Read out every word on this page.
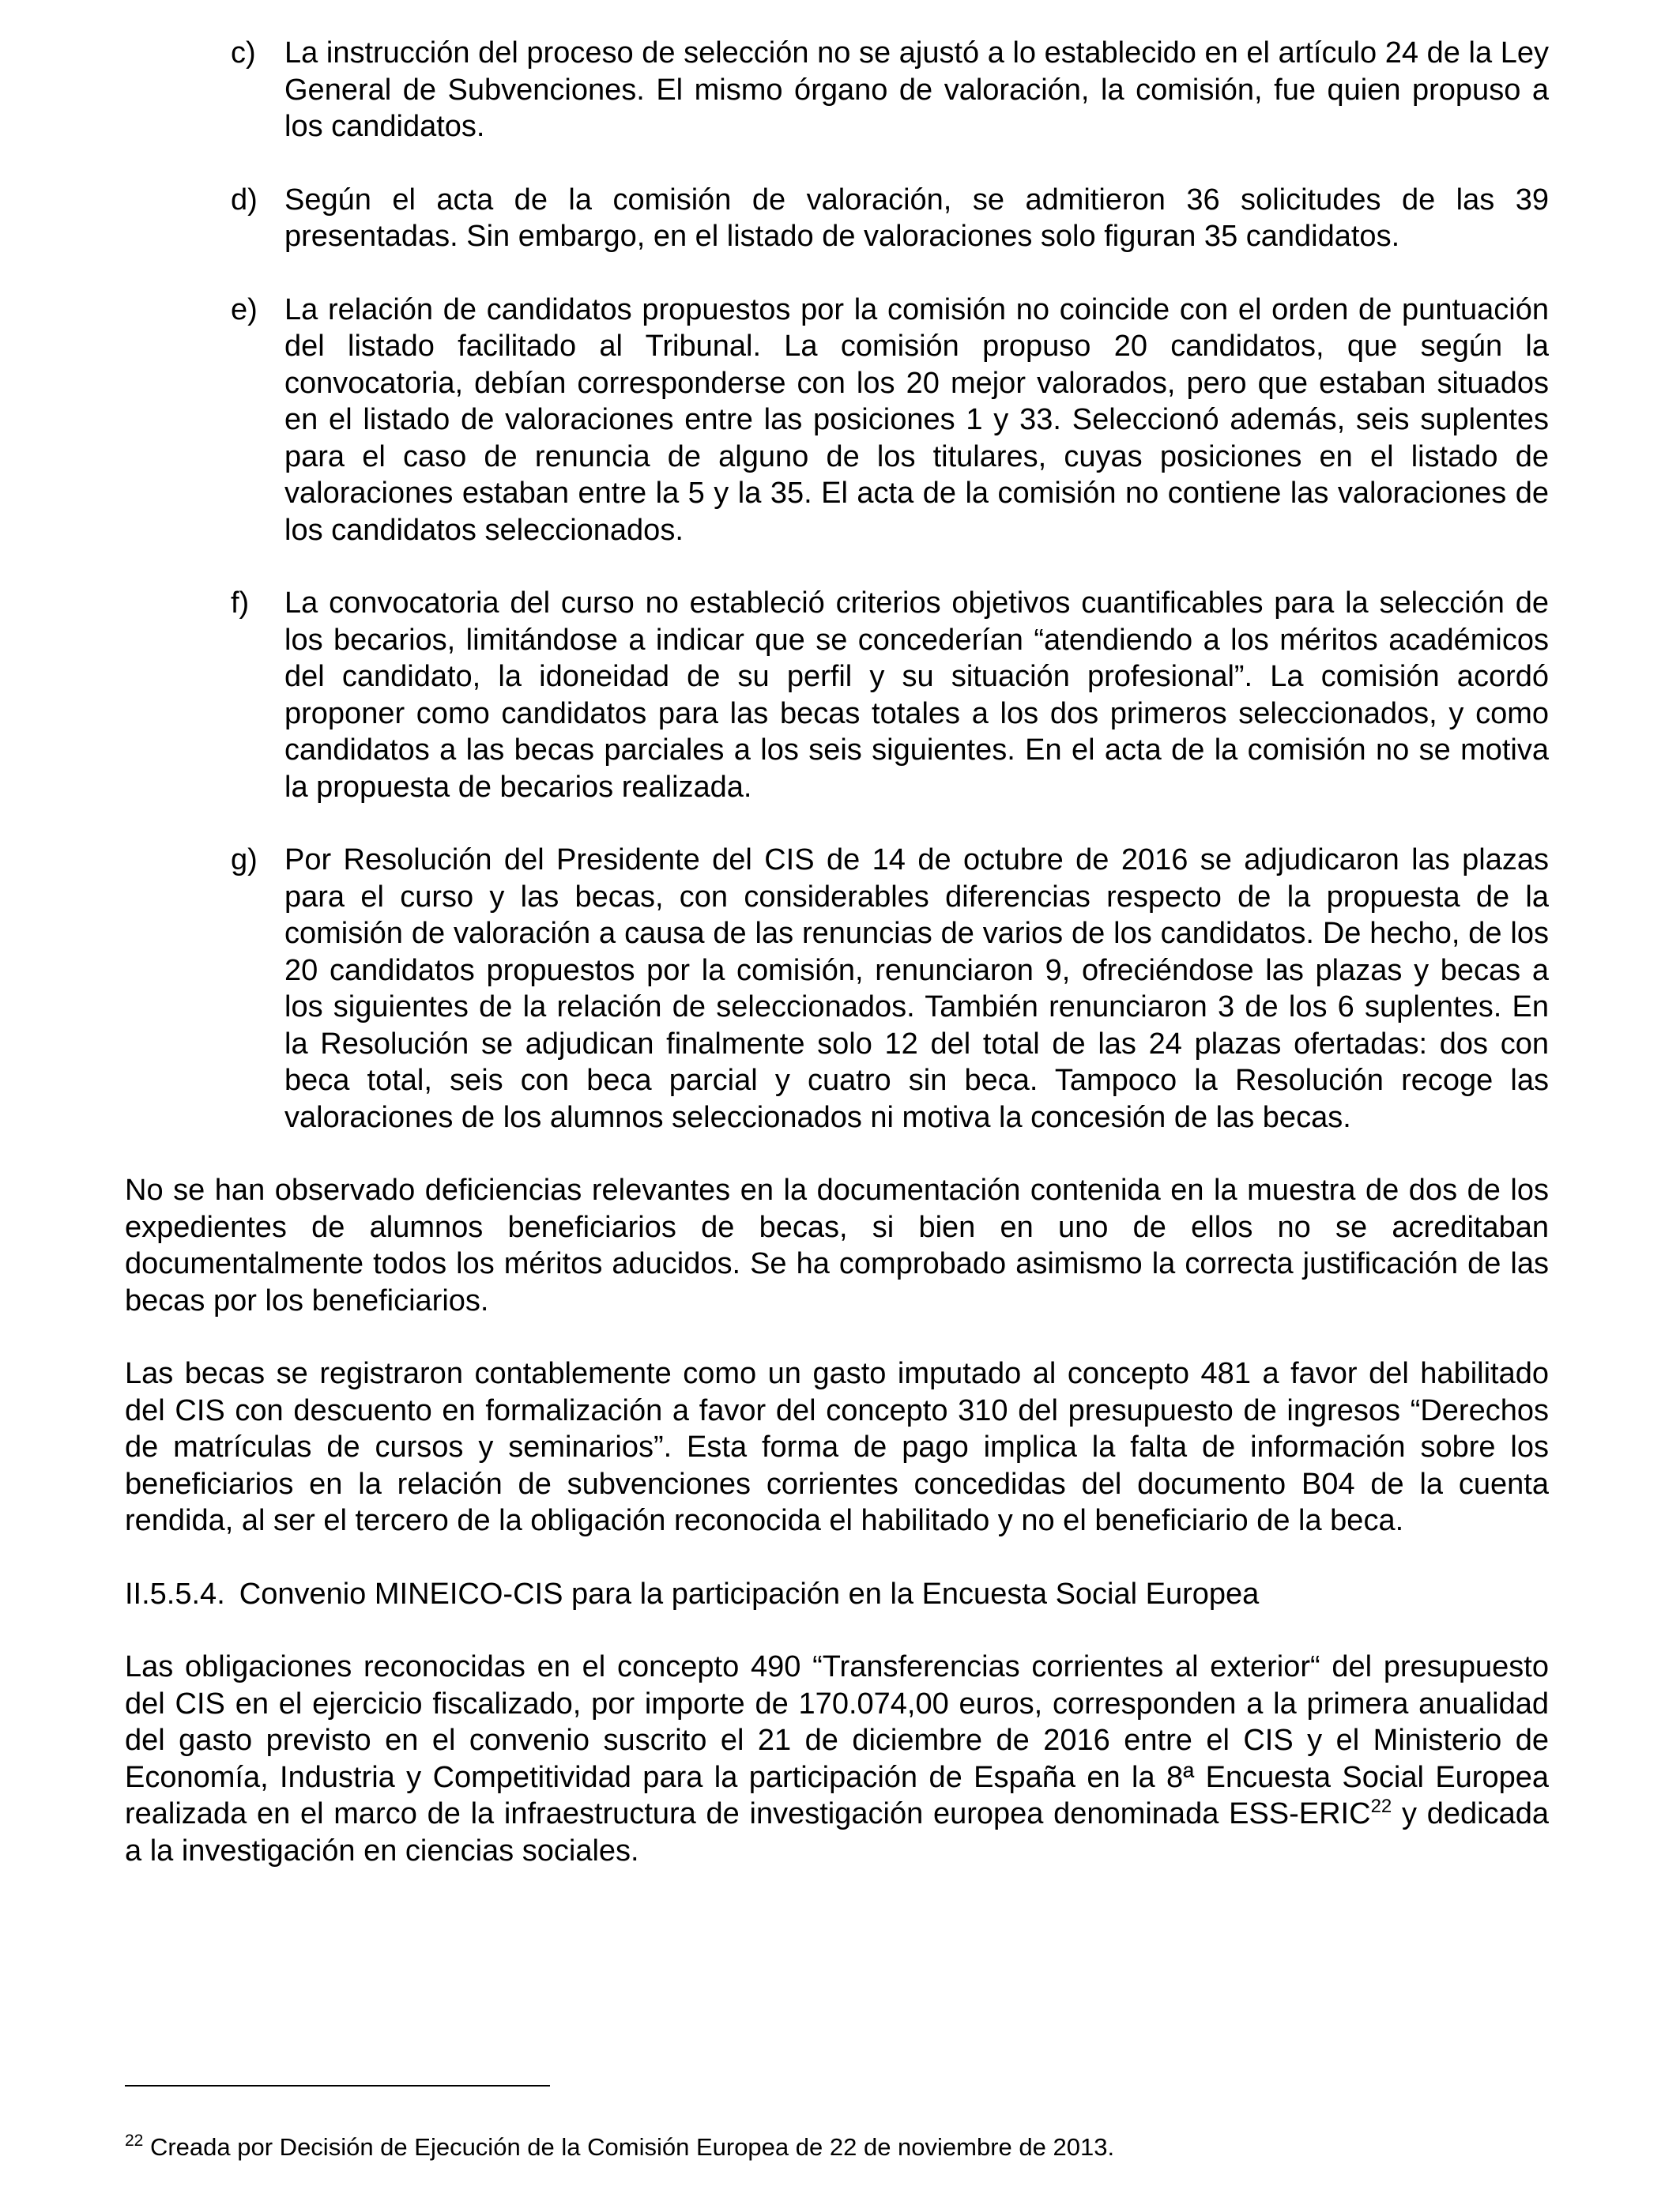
c) La instrucción del proceso de selección no se ajustó a lo establecido en el artículo 24 de la Ley General de Subvenciones. El mismo órgano de valoración, la comisión, fue quien propuso a los candidatos.
d) Según el acta de la comisión de valoración, se admitieron 36 solicitudes de las 39 presentadas. Sin embargo, en el listado de valoraciones solo figuran 35 candidatos.
e) La relación de candidatos propuestos por la comisión no coincide con el orden de puntuación del listado facilitado al Tribunal. La comisión propuso 20 candidatos, que según la convocatoria, debían corresponderse con los 20 mejor valorados, pero que estaban situados en el listado de valoraciones entre las posiciones 1 y 33. Seleccionó además, seis suplentes para el caso de renuncia de alguno de los titulares, cuyas posiciones en el listado de valoraciones estaban entre la 5 y la 35. El acta de la comisión no contiene las valoraciones de los candidatos seleccionados.
f) La convocatoria del curso no estableció criterios objetivos cuantificables para la selección de los becarios, limitándose a indicar que se concederían “atendiendo a los méritos académicos del candidato, la idoneidad de su perfil y su situación profesional”. La comisión acordó proponer como candidatos para las becas totales a los dos primeros seleccionados, y como candidatos a las becas parciales a los seis siguientes. En el acta de la comisión no se motiva la propuesta de becarios realizada.
g) Por Resolución del Presidente del CIS de 14 de octubre de 2016 se adjudicaron las plazas para el curso y las becas, con considerables diferencias respecto de la propuesta de la comisión de valoración a causa de las renuncias de varios de los candidatos. De hecho, de los 20 candidatos propuestos por la comisión, renunciaron 9, ofreciéndose las plazas y becas a los siguientes de la relación de seleccionados. También renunciaron 3 de los 6 suplentes. En la Resolución se adjudican finalmente solo 12 del total de las 24 plazas ofertadas: dos con beca total, seis con beca parcial y cuatro sin beca. Tampoco la Resolución recoge las valoraciones de los alumnos seleccionados ni motiva la concesión de las becas.

No se han observado deficiencias relevantes en la documentación contenida en la muestra de dos de los expedientes de alumnos beneficiarios de becas, si bien en uno de ellos no se acreditaban documentalmente todos los méritos aducidos. Se ha comprobado asimismo la correcta justificación de las becas por los beneficiarios.

Las becas se registraron contablemente como un gasto imputado al concepto 481 a favor del habilitado del CIS con descuento en formalización a favor del concepto 310 del presupuesto de ingresos “Derechos de matrículas de cursos y seminarios”. Esta forma de pago implica la falta de información sobre los beneficiarios en la relación de subvenciones corrientes concedidas del documento B04 de la cuenta rendida, al ser el tercero de la obligación reconocida el habilitado y no el beneficiario de la beca.

II.5.5.4. Convenio MINEICO-CIS para la participación en la Encuesta Social Europea

Las obligaciones reconocidas en el concepto 490 “Transferencias corrientes al exterior“ del presupuesto del CIS en el ejercicio fiscalizado, por importe de 170.074,00 euros, corresponden a la primera anualidad del gasto previsto en el convenio suscrito el 21 de diciembre de 2016 entre el CIS y el Ministerio de Economía, Industria y Competitividad para la participación de España en la 8ª Encuesta Social Europea realizada en el marco de la infraestructura de investigación europea denominada ESS-ERIC$^{22}$ y dedicada a la investigación en ciencias sociales.

$^{22}$ Creada por Decisión de Ejecución de la Comisión Europea de 22 de noviembre de 2013.
